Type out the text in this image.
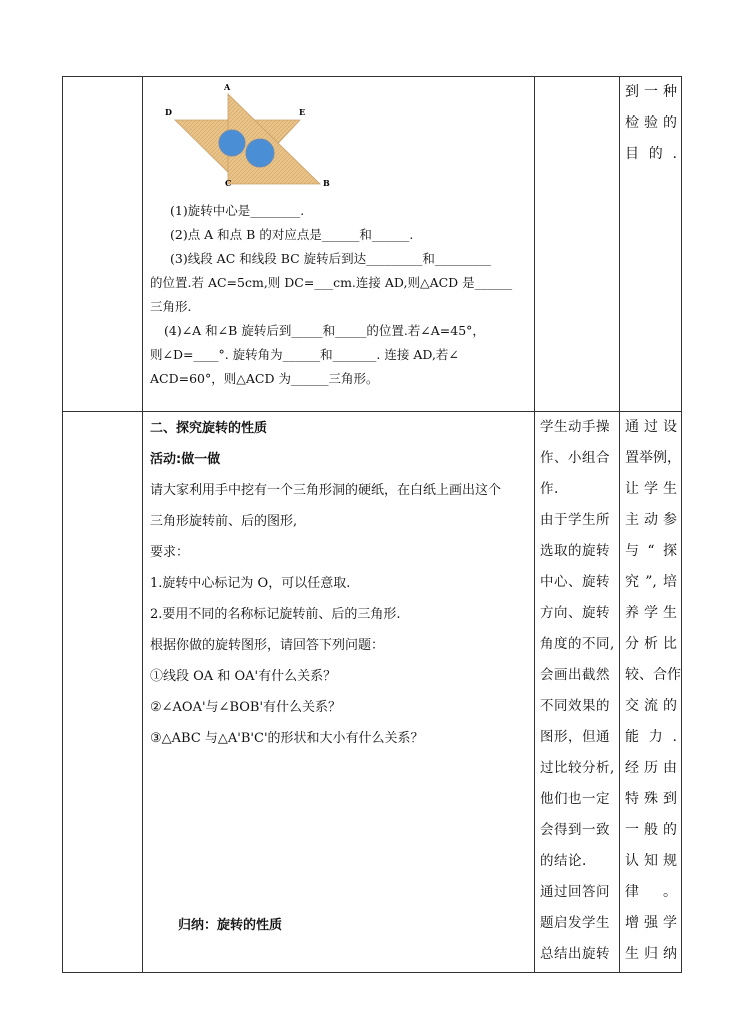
A
D	E
C	B
(1)旋转中心是________.
(2)点 A 和点 B 的对应点是______和______.
(3)线段 AC 和线段 BC 旋转后到达_________和_________
的位置.若 AC=5cm,则 DC=___cm.连接 AD,则△ACD 是______
三角形.
(4)∠A 和∠B 旋转后到_____和_____的位置.若∠A=45°，
则∠D=____°. 旋转角为______和_______. 连接 AD,若∠
ACD=60°，则△ACD 为______三角形。
到一种
检验的
目的.
二、探究旋转的性质
活动:做一做
请大家利用手中挖有一个三角形洞的硬纸，在白纸上画出这个
三角形旋转前、后的图形,
要求：
1.旋转中心标记为 O，可以任意取.
2.要用不同的名称标记旋转前、后的三角形.
根据你做的旋转图形，请回答下列问题：
①线段 OA 和 OA'有什么关系？
②∠AOA'与∠BOB'有什么关系？
③△ABC 与△A'B'C'的形状和大小有什么关系？
归纳：旋转的性质
学生动手操
作、小组合
作.
由于学生所
选取的旋转
中心、旋转
方向、旋转
角度的不同,
会画出截然
不同效果的
图形，但通
过比较分析,
他们也一定
会得到一致
的结论.
通过回答问
题启发学生
总结出旋转
通过设
置举例，
让学生
主动参
与“探
究”,培
养学生
分析比
较、合作
交流的
能力.
经历由
特殊到
一般的
认知规
律。
增强学
生归纳
